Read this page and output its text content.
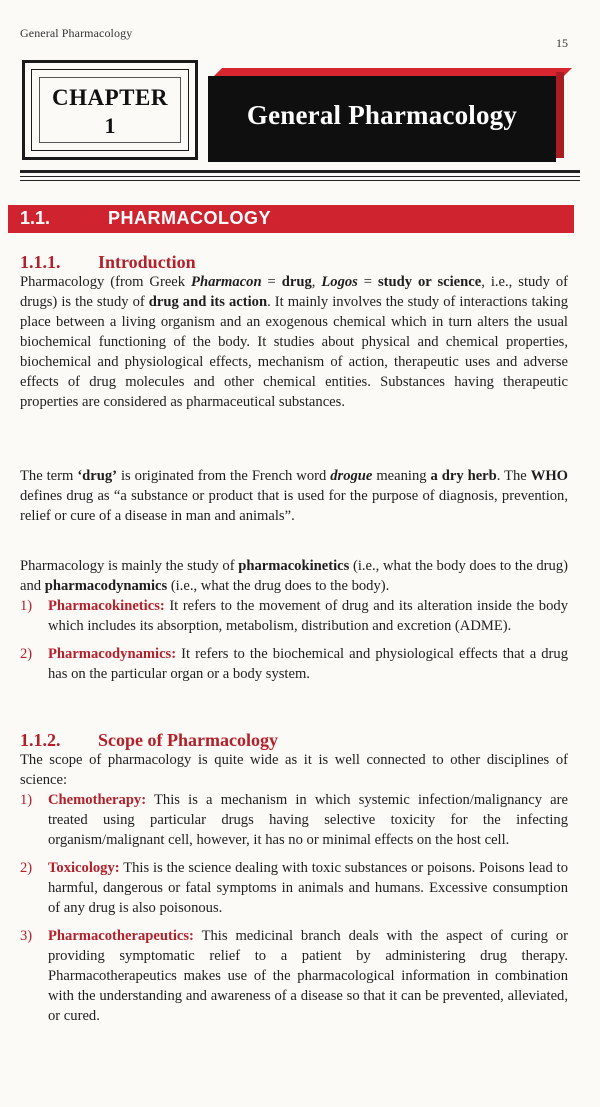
General Pharmacology
15
CHAPTER
1	General Pharmacology
1.1.	PHARMACOLOGY
1.1.1. Introduction

Pharmacology (from Greek Pharmacon = drug, Logos = study or science, i.e., study of drugs) is the study of drug and its action. It mainly involves the study of interactions taking place between a living organism and an exogenous chemical which in turn alters the usual biochemical functioning of the body. It studies about physical and chemical properties, biochemical and physiological effects, mechanism of action, therapeutic uses and adverse effects of drug molecules and other chemical entities. Substances having therapeutic properties are considered as pharmaceutical substances.

The term ‘drug’ is originated from the French word drogue meaning a dry herb. The WHO defines drug as “a substance or product that is used for the purpose of diagnosis, prevention, relief or cure of a disease in man and animals”.

Pharmacology is mainly the study of pharmacokinetics (i.e., what the body does to the drug) and pharmacodynamics (i.e., what the drug does to the body).

1) Pharmacokinetics: It refers to the movement of drug and its alteration inside the body which includes its absorption, metabolism, distribution and excretion (ADME).
2) Pharmacodynamics: It refers to the biochemical and physiological effects that a drug has on the particular organ or a body system.
1.1.2. Scope of Pharmacology

The scope of pharmacology is quite wide as it is well connected to other disciplines of science:

1) Chemotherapy: This is a mechanism in which systemic infection/malignancy are treated using particular drugs having selective toxicity for the infecting organism/malignant cell, however, it has no or minimal effects on the host cell.
2) Toxicology: This is the science dealing with toxic substances or poisons. Poisons lead to harmful, dangerous or fatal symptoms in animals and humans. Excessive consumption of any drug is also poisonous.
3) Pharmacotherapeutics: This medicinal branch deals with the aspect of curing or providing symptomatic relief to a patient by administering drug therapy. Pharmacotherapeutics makes use of the pharmacological information in combination with the understanding and awareness of a disease so that it can be prevented, alleviated, or cured.
